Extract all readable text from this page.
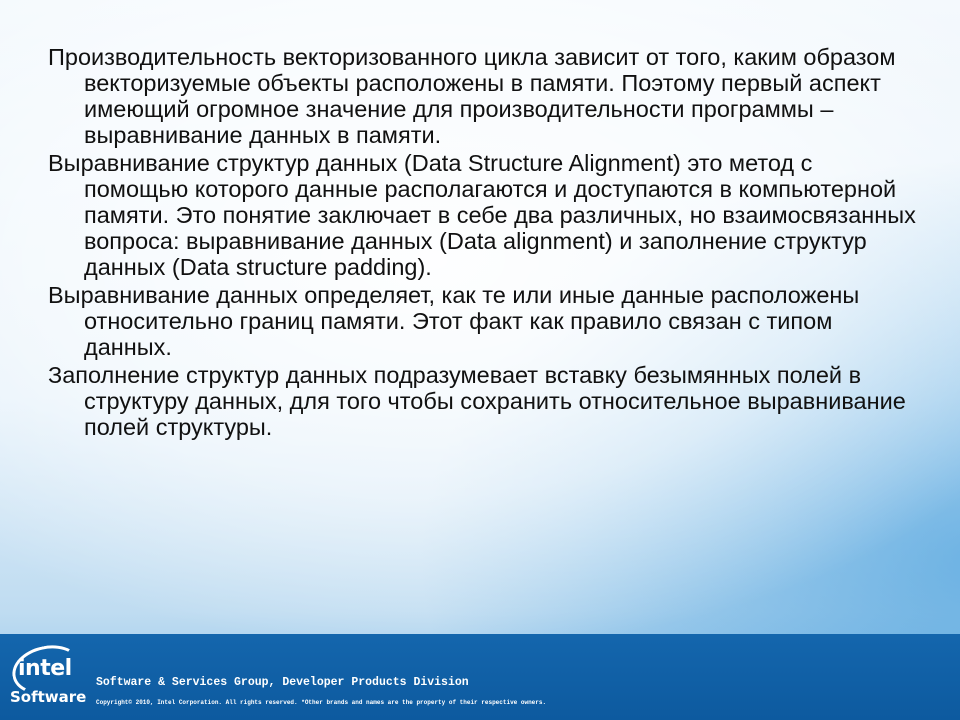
Производительность векторизованного цикла зависит от того, каким образом векторизуемые объекты расположены в памяти. Поэтому первый аспект имеющий огромное значение для производительности программы – выравнивание данных в памяти.

Выравнивание структур данных (Data Structure Alignment) это метод с помощью которого данные располагаются и доступаются в компьютерной памяти. Это понятие заключает в себе два различных, но взаимосвязанных вопроса: выравнивание данных (Data alignment) и заполнение структур данных (Data structure padding).

Выравнивание данных определяет, как те или иные данные расположены относительно границ памяти. Этот факт как правило связан с типом данных.

Заполнение структур данных подразумевает вставку безымянных полей в структуру данных, для того чтобы сохранить относительное выравнивание полей структуры.

intel
Software
Software & Services Group, Developer Products Division
Copyright© 2010, Intel Corporation. All rights reserved. *Other brands and names are the property of their respective owners.
